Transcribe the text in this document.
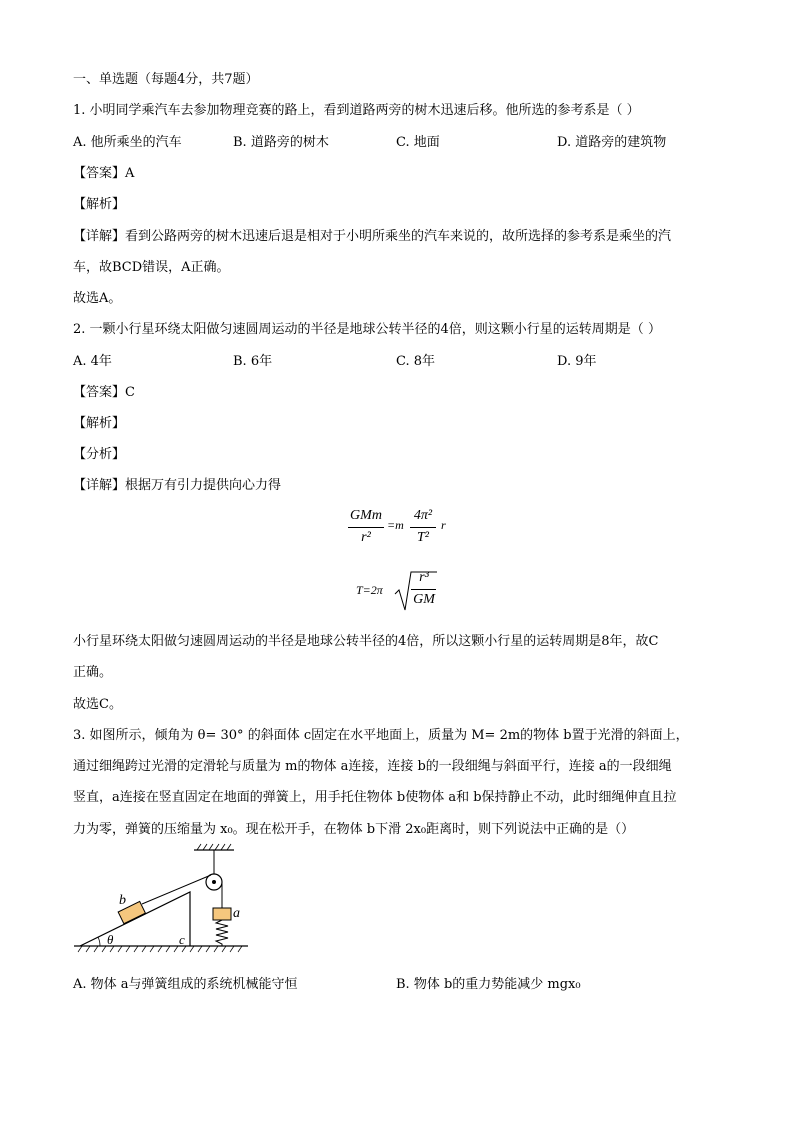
一、单选题（每题4分，共7题）
1. 小明同学乘汽车去参加物理竞赛的路上，看到道路两旁的树木迅速后移。他所选的参考系是（ ）
A. 他所乘坐的汽车	B. 道路旁的树木	C. 地面	D. 道路旁的建筑物
【答案】A
【解析】
【详解】看到公路两旁的树木迅速后退是相对于小明所乘坐的汽车来说的，故所选择的参考系是乘坐的汽
车，故BCD错误，A正确。
故选A。
2. 一颗小行星环绕太阳做匀速圆周运动的半径是地球公转半径的4倍，则这颗小行星的运转周期是（ ）
A. 4年	B. 6年	C. 8年	D. 9年
【答案】C
【解析】
【分析】
【详解】根据万有引力提供向心力得
GMm
r²
=m
4π²
T²
r
T=2π
r³
GM
小行星环绕太阳做匀速圆周运动的半径是地球公转半径的4倍，所以这颗小行星的运转周期是8年，故C
正确。
故选C。
3. 如图所示，倾角为 θ= 30° 的斜面体 c固定在水平地面上，质量为 M= 2m的物体 b置于光滑的斜面上，
通过细绳跨过光滑的定滑轮与质量为 m的物体 a连接，连接 b的一段细绳与斜面平行，连接 a的一段细绳
竖直，a连接在竖直固定在地面的弹簧上，用手托住物体 b使物体 a和 b保持静止不动，此时细绳伸直且拉
力为零，弹簧的压缩量为 x₀。现在松开手，在物体 b下滑 2x₀距离时，则下列说法中正确的是（）
b
a
θ	c
A. 物体 a与弹簧组成的系统机械能守恒	B. 物体 b的重力势能减少 mgx₀
